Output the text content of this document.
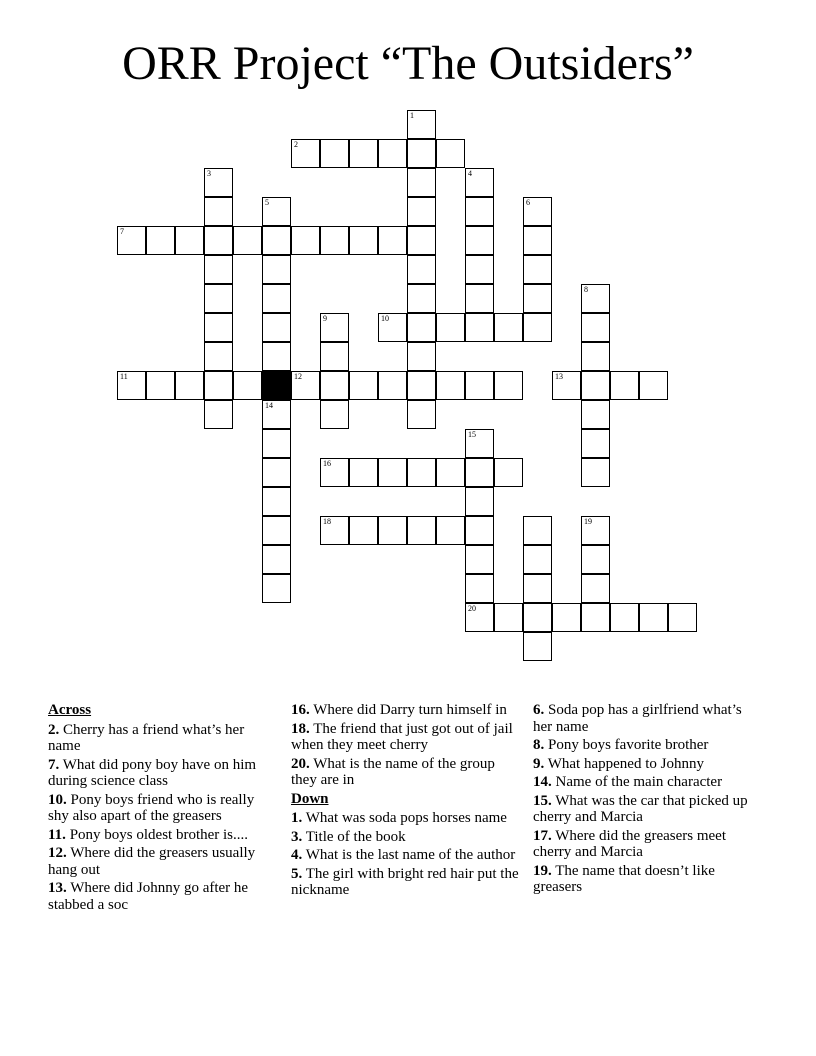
ORR Project “The Outsiders”
1
2
3	4
5	6
7
8
9	10
11	12	13
14
15
16
18	19
20
Across
2. Cherry has a friend what’s her name
7. What did pony boy have on him during science class
10. Pony boys friend who is really shy also apart of the greasers
11. Pony boys oldest brother is....
12. Where did the greasers usually hang out
13. Where did Johnny go after he stabbed a soc
16. Where did Darry turn himself in
18. The friend that just got out of jail when they meet cherry
20. What is the name of the group they are in
Down
1. What was soda pops horses name
3. Title of the book
4. What is the last name of the author
5. The girl with bright red hair put the nickname
6. Soda pop has a girlfriend what’s her name
8. Pony boys favorite brother
9. What happened to Johnny
14. Name of the main character
15. What was the car that picked up cherry and Marcia
17. Where did the greasers meet cherry and Marcia
19. The name that doesn’t like greasers
